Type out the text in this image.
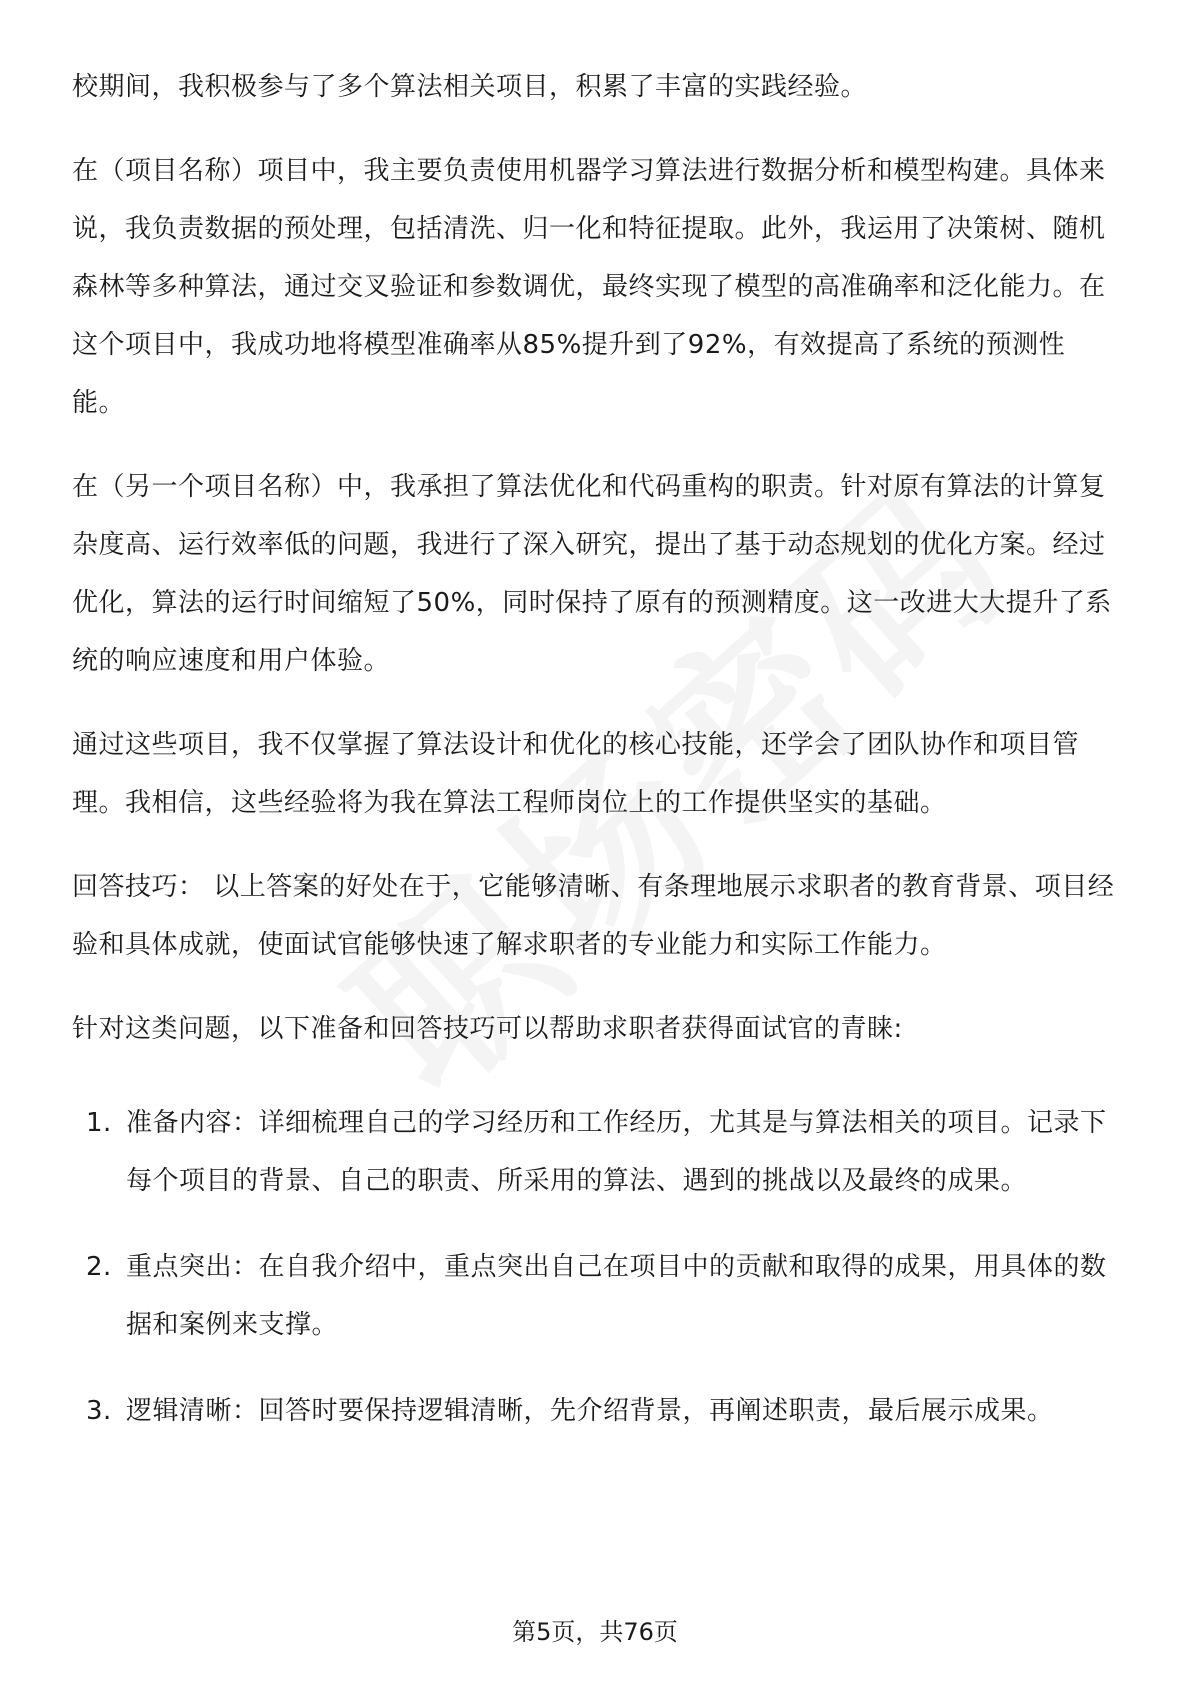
校期间，我积极参与了多个算法相关项目，积累了丰富的实践经验。

在（项目名称）项目中，我主要负责使用机器学习算法进行数据分析和模型构建。具体来说，我负责数据的预处理，包括清洗、归一化和特征提取。此外，我运用了决策树、随机森林等多种算法，通过交叉验证和参数调优，最终实现了模型的高准确率和泛化能力。在这个项目中，我成功地将模型准确率从85%提升到了92%，有效提高了系统的预测性能。

在（另一个项目名称）中，我承担了算法优化和代码重构的职责。针对原有算法的计算复杂度高、运行效率低的问题，我进行了深入研究，提出了基于动态规划的优化方案。经过优化，算法的运行时间缩短了50%，同时保持了原有的预测精度。这一改进大大提升了系统的响应速度和用户体验。

通过这些项目，我不仅掌握了算法设计和优化的核心技能，还学会了团队协作和项目管理。我相信，这些经验将为我在算法工程师岗位上的工作提供坚实的基础。

回答技巧： 以上答案的好处在于，它能够清晰、有条理地展示求职者的教育背景、项目经验和具体成就，使面试官能够快速了解求职者的专业能力和实际工作能力。

针对这类问题，以下准备和回答技巧可以帮助求职者获得面试官的青睐:

1. 准备内容：详细梳理自己的学习经历和工作经历，尤其是与算法相关的项目。记录下每个项目的背景、自己的职责、所采用的算法、遇到的挑战以及最终的成果。
2. 重点突出：在自我介绍中，重点突出自己在项目中的贡献和取得的成果，用具体的数据和案例来支撑。
3. 逻辑清晰：回答时要保持逻辑清晰，先介绍背景，再阐述职责，最后展示成果。
第5页，共76页
